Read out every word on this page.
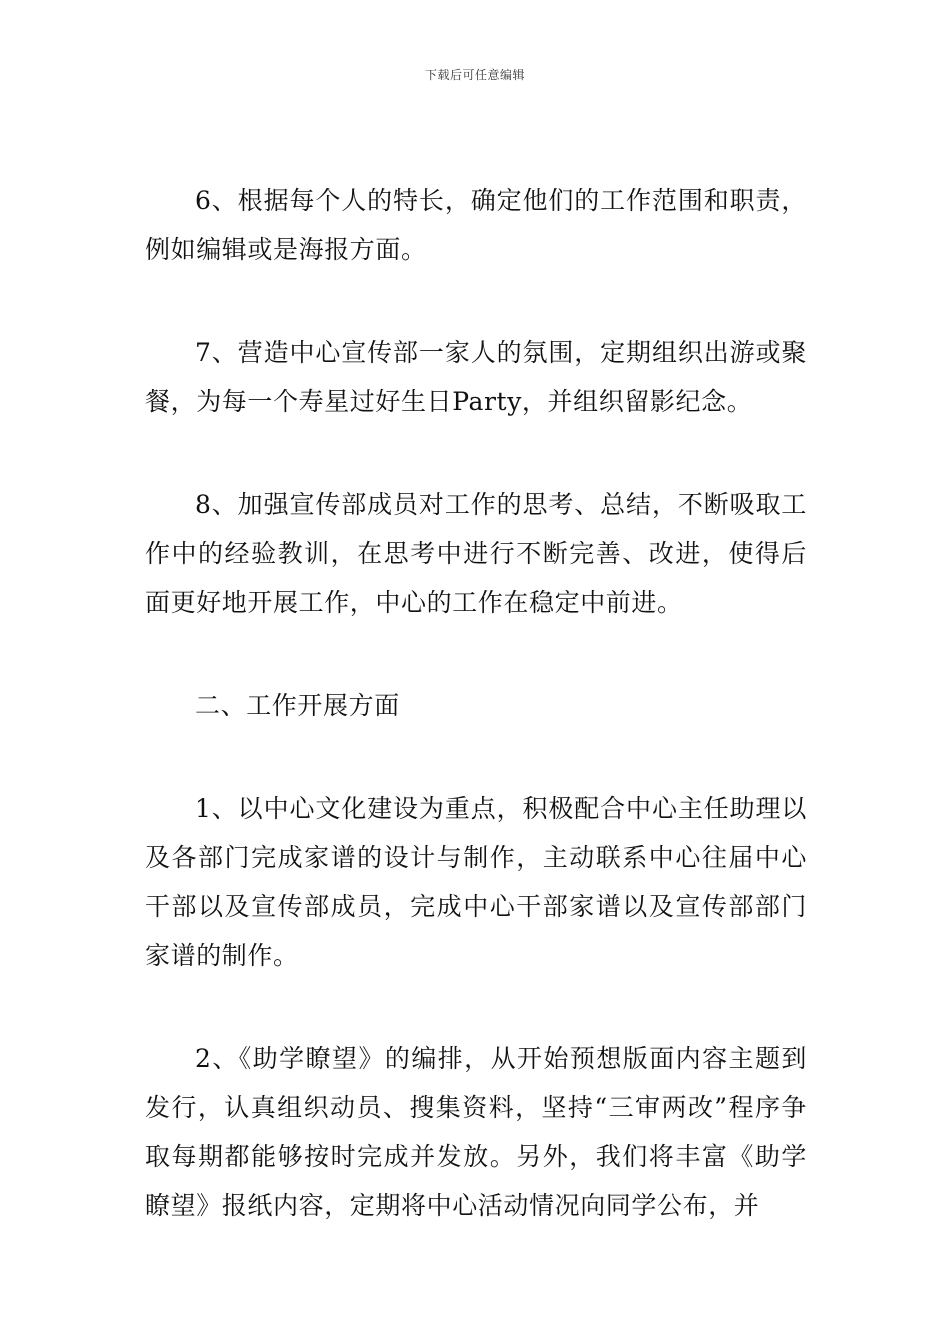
下载后可任意编辑

6、根据每个人的特长，确定他们的工作范围和职责，例如编辑或是海报方面。

7、营造中心宣传部一家人的氛围，定期组织出游或聚餐，为每一个寿星过好生日Party，并组织留影纪念。

8、加强宣传部成员对工作的思考、总结，不断吸取工作中的经验教训，在思考中进行不断完善、改进，使得后面更好地开展工作，中心的工作在稳定中前进。

二、工作开展方面

1、以中心文化建设为重点，积极配合中心主任助理以及各部门完成家谱的设计与制作，主动联系中心往届中心干部以及宣传部成员，完成中心干部家谱以及宣传部部门家谱的制作。

2、《助学瞭望》的编排，从开始预想版面内容主题到发行，认真组织动员、搜集资料，坚持“三审两改”程序争取每期都能够按时完成并发放。另外，我们将丰富《助学瞭望》报纸内容，定期将中心活动情况向同学公布，并
